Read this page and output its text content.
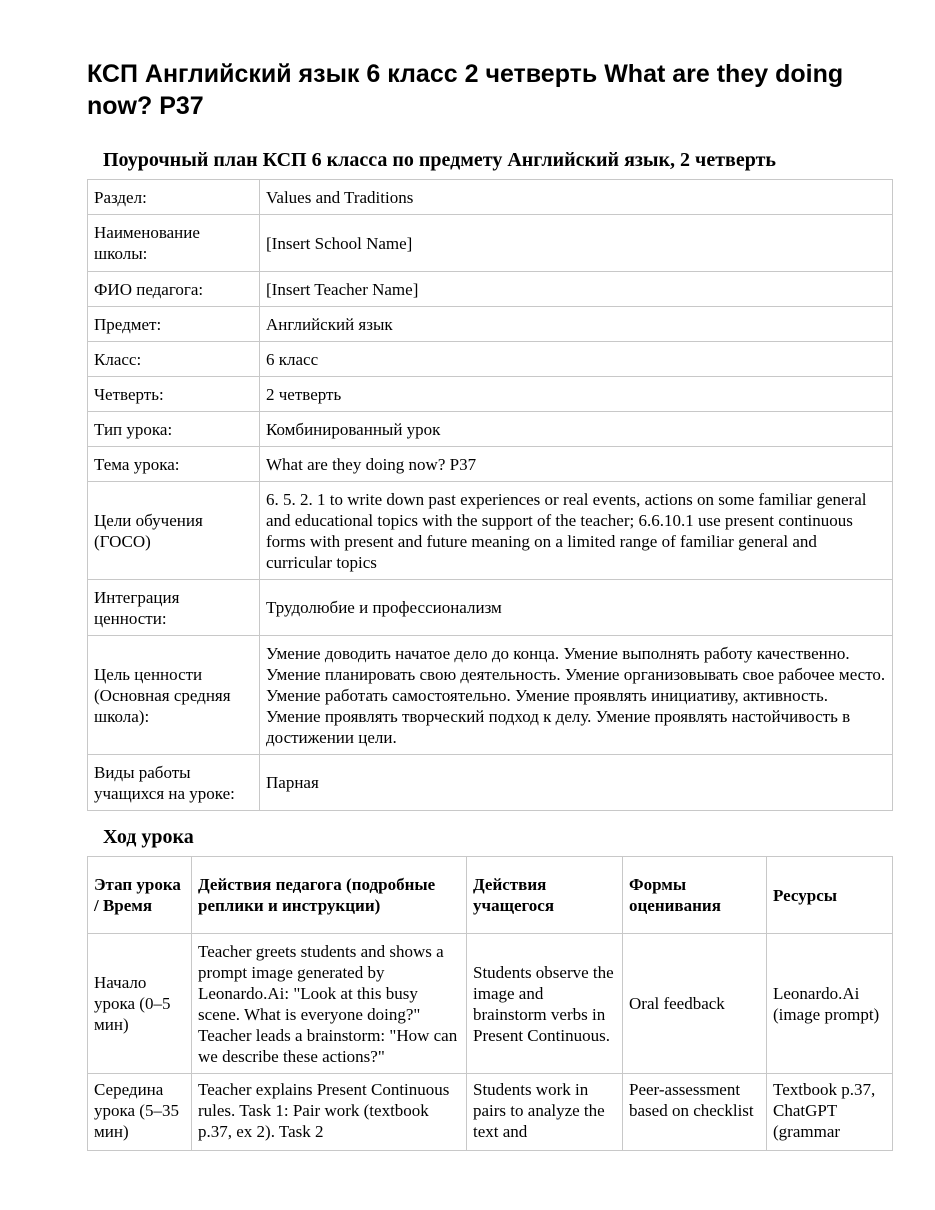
КСП Английский язык 6 класс 2 четверть What are they doing now? P37
Поурочный план КСП 6 класса по предмету Английский язык, 2 четверть
Раздел:	Values and Traditions
Наименование школы:	[Insert School Name]
ФИО педагога:	[Insert Teacher Name]
Предмет:	Английский язык
Класс:	6 класс
Четверть:	2 четверть
Тип урока:	Комбинированный урок
Тема урока:	What are they doing now? P37
Цели обучения (ГОСО)	6. 5. 2. 1 to write down past experiences or real events, actions on some familiar general and educational topics with the support of the teacher; 6.6.10.1 use present continuous forms with present and future meaning on a limited range of familiar general and curricular topics
Интеграция ценности:	Трудолюбие и профессионализм
Цель ценности (Основная средняя школа):	Умение доводить начатое дело до конца. Умение выполнять работу качественно. Умение планировать свою деятельность. Умение организовывать свое рабочее место. Умение работать самостоятельно. Умение проявлять инициативу, активность. Умение проявлять творческий подход к делу. Умение проявлять настойчивость в достижении цели.
Виды работы учащихся на уроке:	Парная
Ход урока
Этап урока / Время	Действия педагога (подробные реплики и инструкции)	Действия учащегося	Формы оценивания	Ресурсы
Начало урока (0–5 мин)	Teacher greets students and shows a prompt image generated by Leonardo.Ai: "Look at this busy scene. What is everyone doing?" Teacher leads a brainstorm: "How can we describe these actions?"	Students observe the image and brainstorm verbs in Present Continuous.	Oral feedback	Leonardo.Ai (image prompt)
Середина урока (5–35 мин)	Teacher explains Present Continuous rules. Task 1: Pair work (textbook p.37, ex 2). Task 2	Students work in pairs to analyze the text and	Peer-assessment based on checklist	Textbook p.37, ChatGPT (grammar
